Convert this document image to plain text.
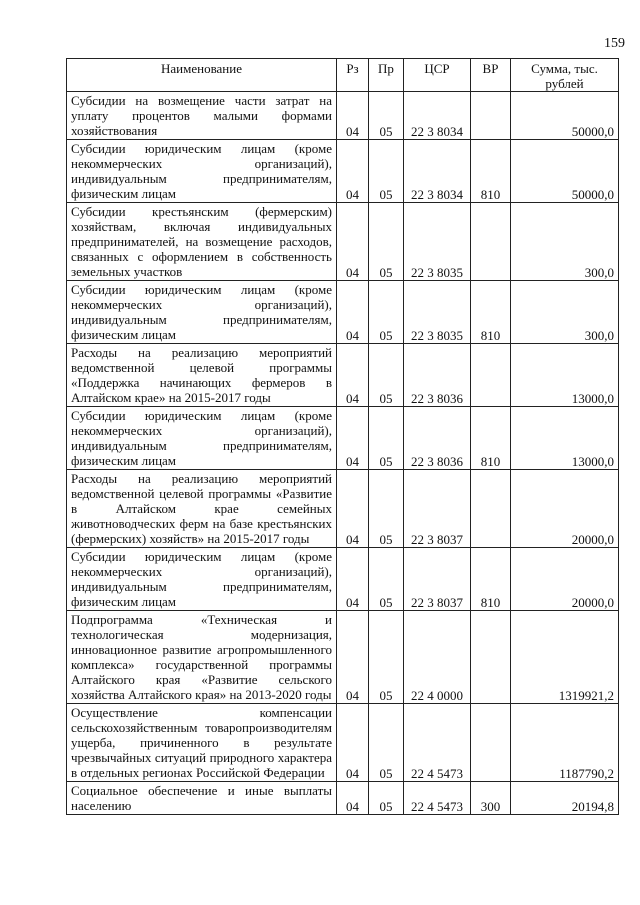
159
Наименование	Рз	Пр	ЦСР	ВР	Сумма, тыс. рублей
Субсидии на возмещение части затрат на уплату процентов малыми формами хозяйствования	04	05	22 3 8034		50000,0
Субсидии юридическим лицам (кроме некоммерческих организаций), индивидуальным предпринимателям, физическим лицам	04	05	22 3 8034	810	50000,0
Субсидии крестьянским (фермерским) хозяйствам, включая индивидуальных предпринимателей, на возмещение расходов, связанных с оформлением в собственность земельных участков	04	05	22 3 8035		300,0
Субсидии юридическим лицам (кроме некоммерческих организаций), индивидуальным предпринимателям, физическим лицам	04	05	22 3 8035	810	300,0
Расходы на реализацию мероприятий ведомственной целевой программы «Поддержка начинающих фермеров в Алтайском крае» на 2015-2017 годы	04	05	22 3 8036		13000,0
Субсидии юридическим лицам (кроме некоммерческих организаций), индивидуальным предпринимателям, физическим лицам	04	05	22 3 8036	810	13000,0
Расходы на реализацию мероприятий ведомственной целевой программы «Развитие в Алтайском крае семейных животноводческих ферм на базе крестьянских (фермерских) хозяйств» на 2015-2017 годы	04	05	22 3 8037		20000,0
Субсидии юридическим лицам (кроме некоммерческих организаций), индивидуальным предпринимателям, физическим лицам	04	05	22 3 8037	810	20000,0
Подпрограмма «Техническая и технологическая модернизация, инновационное развитие агропромышленного комплекса» государственной программы Алтайского края «Развитие сельского хозяйства Алтайского края» на 2013-2020 годы	04	05	22 4 0000		1319921,2
Осуществление компенсации сельскохозяйственным товаропроизводителям ущерба, причиненного в результате чрезвычайных ситуаций природного характера в отдельных регионах Российской Федерации	04	05	22 4 5473		1187790,2
Социальное обеспечение и иные выплаты населению	04	05	22 4 5473	300	20194,8
